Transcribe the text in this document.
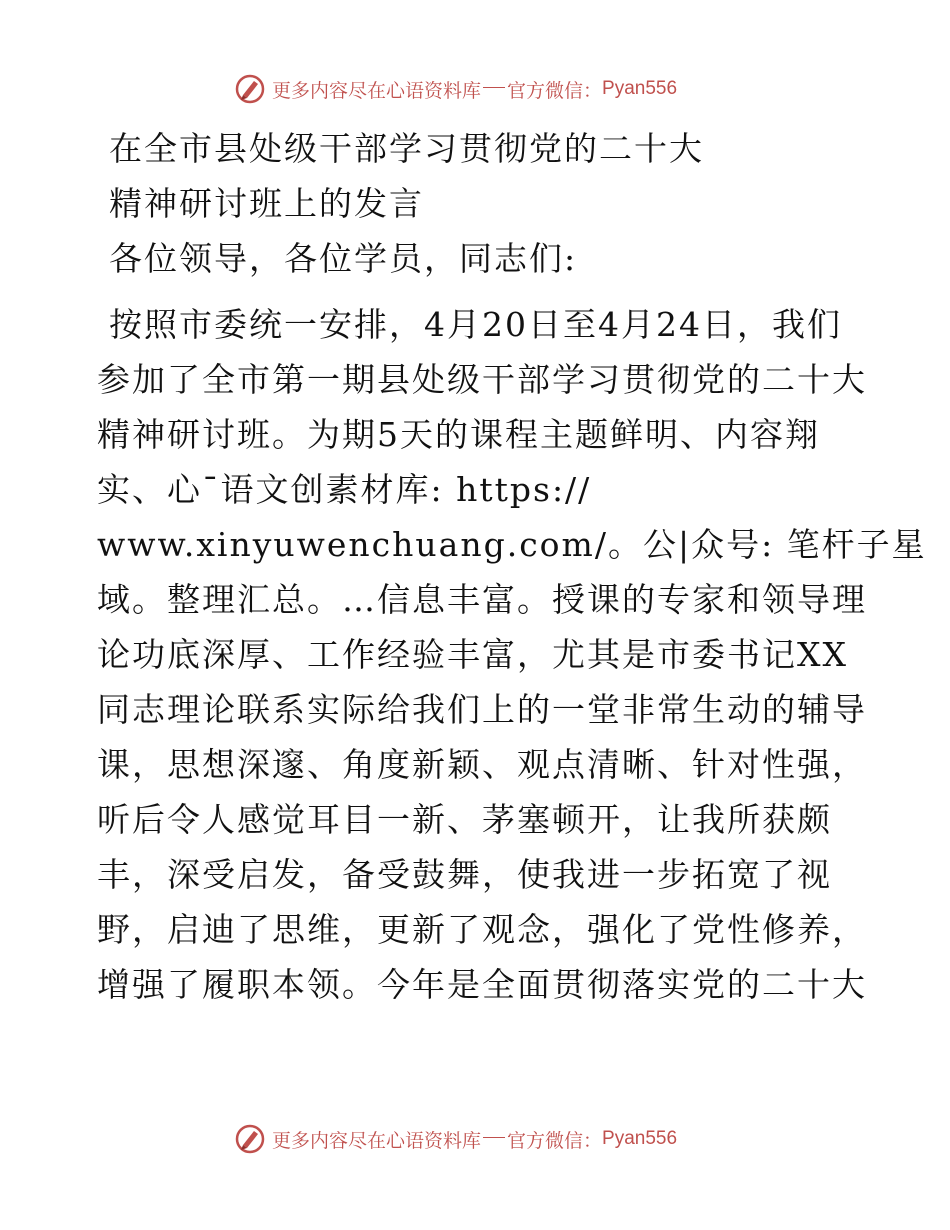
更多内容尽在心语资料库 官方微信： Pyan556
在全市县处级干部学习贯彻党的二十大
精神研讨班上的发言
各位领导，各位学员，同志们:
按照市委统一安排，4月20日至4月24日，我们
参加了全市第一期县处级干部学习贯彻党的二十大
精神研讨班。为期5天的课程主题鲜明、内容翔
实、心¯语文创素材库: https://
www.xinyuwenchuang.com/。公|众号: 笔杆子星
域。整理汇总。…信息丰富。授课的专家和领导理
论功底深厚、工作经验丰富，尤其是市委书记XX
同志理论联系实际给我们上的一堂非常生动的辅导
课，思想深邃、角度新颖、观点清晰、针对性强，
听后令人感觉耳目一新、茅塞顿开，让我所获颇
丰，深受启发，备受鼓舞，使我进一步拓宽了视
野，启迪了思维，更新了观念，强化了党性修养，
增强了履职本领。今年是全面贯彻落实党的二十大
更多内容尽在心语资料库 官方微信： Pyan556
